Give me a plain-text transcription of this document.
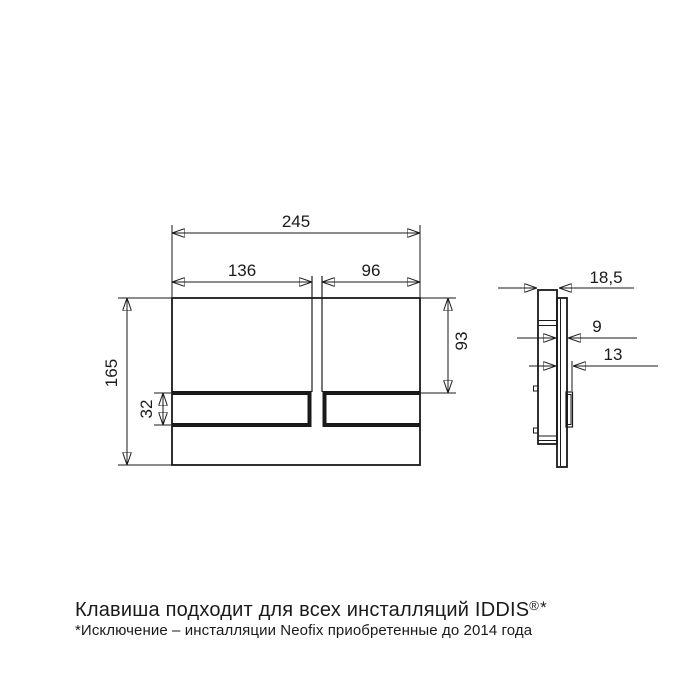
245
136	96
165
32
93
18,5
9
13
Клавиша подходит для всех инсталляций IDDIS®*
*Исключение – инсталляции Neofix приобретенные до 2014 года
